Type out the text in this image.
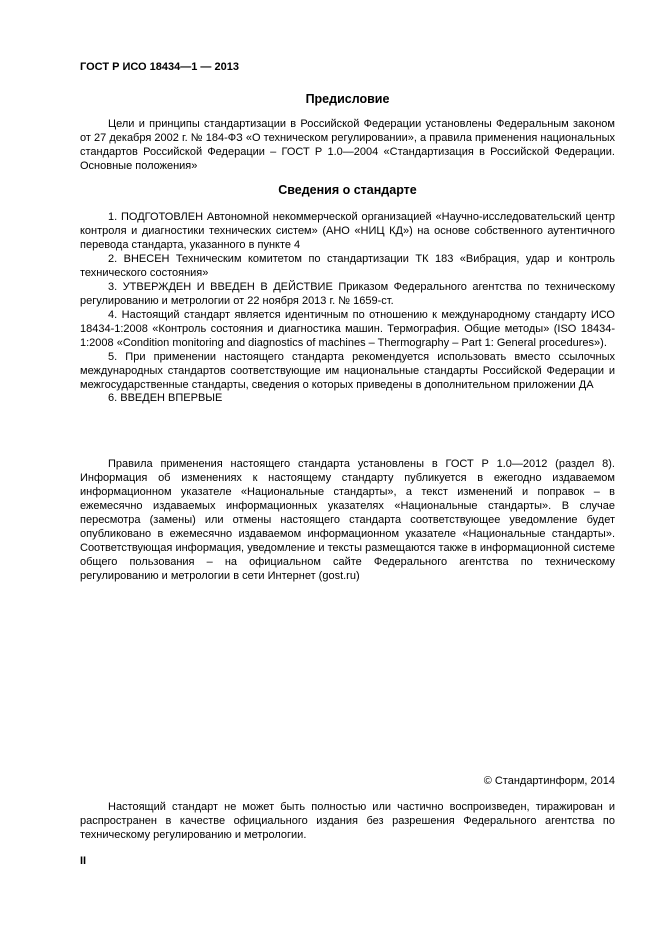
ГОСТ Р ИСО 18434—1 — 2013
Предисловие

Цели и принципы стандартизации в Российской Федерации установлены Федеральным законом от 27 декабря 2002 г. № 184-ФЗ «О техническом регулировании», а правила применения национальных стандартов Российской Федерации – ГОСТ Р 1.0—2004 «Стандартизация в Российской Федерации. Основные положения»

Сведения о стандарте

1. ПОДГОТОВЛЕН Автономной некоммерческой организацией «Научно-исследовательский центр контроля и диагностики технических систем» (АНО «НИЦ КД») на основе собственного аутентичного перевода стандарта, указанного в пункте 4

2. ВНЕСЕН Техническим комитетом по стандартизации ТК 183 «Вибрация, удар и контроль технического состояния»

3. УТВЕРЖДЕН И ВВЕДЕН В ДЕЙСТВИЕ Приказом Федерального агентства по техническому регулированию и метрологии от 22 ноября 2013 г. № 1659-ст.

4. Настоящий стандарт является идентичным по отношению к международному стандарту ИСО 18434-1:2008 «Контроль состояния и диагностика машин. Термография. Общие методы» (ISO 18434-1:2008 «Condition monitoring and diagnostics of machines – Thermography – Part 1: General procedures»).

5. При применении настоящего стандарта рекомендуется использовать вместо ссылочных международных стандартов соответствующие им национальные стандарты Российской Федерации и межгосударственные стандарты, сведения о которых приведены в дополнительном приложении ДА

6. ВВЕДЕН ВПЕРВЫЕ

Правила применения настоящего стандарта установлены в ГОСТ Р 1.0—2012 (раздел 8). Информация об изменениях к настоящему стандарту публикуется в ежегодно издаваемом информационном указателе «Национальные стандарты», а текст изменений и поправок – в ежемесячно издаваемых информационных указателях «Национальные стандарты». В случае пересмотра (замены) или отмены настоящего стандарта соответствующее уведомление будет опубликовано в ежемесячно издаваемом информационном указателе «Национальные стандарты». Соответствующая информация, уведомление и тексты размещаются также в информационной системе общего пользования – на официальном сайте Федерального агентства по техническому регулированию и метрологии в сети Интернет (gost.ru)

© Стандартинформ, 2014

Настоящий стандарт не может быть полностью или частично воспроизведен, тиражирован и распространен в качестве официального издания без разрешения Федерального агентства по техническому регулированию и метрологии.

II
